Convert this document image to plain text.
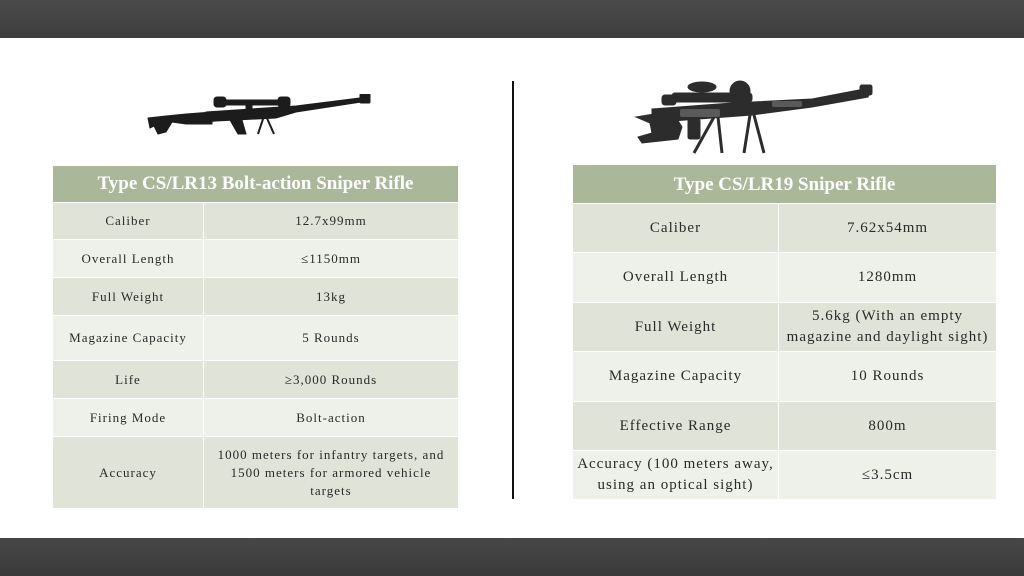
Type CS/LR13 Bolt-action Sniper Rifle	
Caliber	12.7x99mm
Overall Length	≤1150mm
Full Weight	13kg
Magazine Capacity	5 Rounds
Life	≥3,000 Rounds
Firing Mode	Bolt-action
Accuracy	1000 meters for infantry targets, and 1500 meters for armored vehicle targets
Type CS/LR19 Sniper Rifle	
Caliber	7.62x54mm
Overall Length	1280mm
Full Weight	5.6kg (With an empty magazine and daylight sight)
Magazine Capacity	10 Rounds
Effective Range	800m
Accuracy (100 meters away, using an optical sight)	≤3.5cm
